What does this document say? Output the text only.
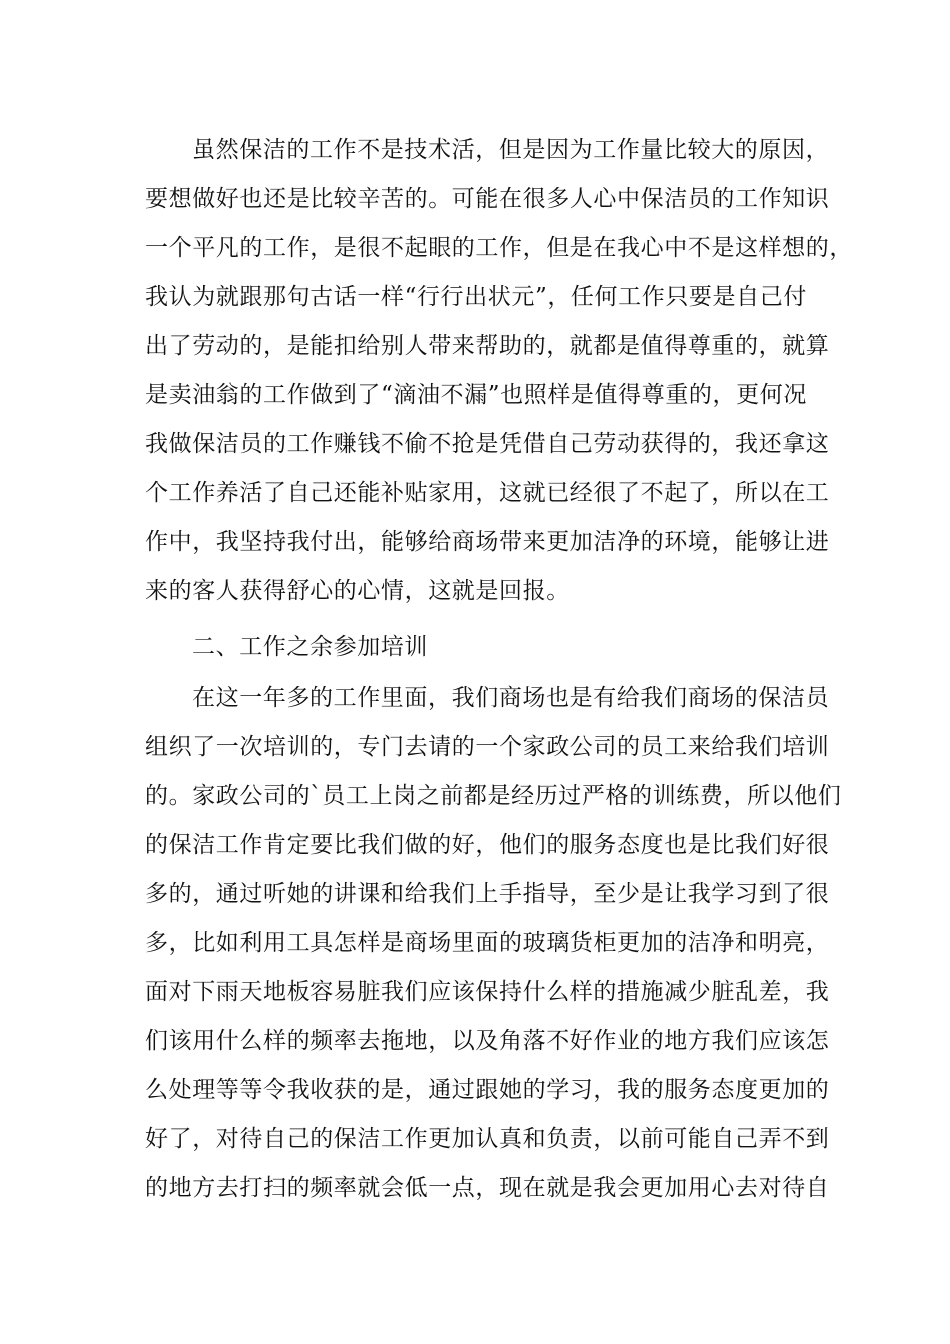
虽然保洁的工作不是技术活，但是因为工作量比较大的原因，
要想做好也还是比较辛苦的。可能在很多人心中保洁员的工作知识
一个平凡的工作，是很不起眼的工作，但是在我心中不是这样想的，
我认为就跟那句古话一样“行行出状元”，任何工作只要是自己付
出了劳动的，是能扣给别人带来帮助的，就都是值得尊重的，就算
是卖油翁的工作做到了“滴油不漏”也照样是值得尊重的，更何况
我做保洁员的工作赚钱不偷不抢是凭借自己劳动获得的，我还拿这
个工作养活了自己还能补贴家用，这就已经很了不起了，所以在工
作中，我坚持我付出，能够给商场带来更加洁净的环境，能够让进
来的客人获得舒心的心情，这就是回报。
二、工作之余参加培训
在这一年多的工作里面，我们商场也是有给我们商场的保洁员
组织了一次培训的，专门去请的一个家政公司的员工来给我们培训
的。家政公司的`员工上岗之前都是经历过严格的训练费，所以他们
的保洁工作肯定要比我们做的好，他们的服务态度也是比我们好很
多的，通过听她的讲课和给我们上手指导，至少是让我学习到了很
多，比如利用工具怎样是商场里面的玻璃货柜更加的洁净和明亮，
面对下雨天地板容易脏我们应该保持什么样的措施减少脏乱差，我
们该用什么样的频率去拖地，以及角落不好作业的地方我们应该怎
么处理等等令我收获的是，通过跟她的学习，我的服务态度更加的
好了，对待自己的保洁工作更加认真和负责，以前可能自己弄不到
的地方去打扫的频率就会低一点，现在就是我会更加用心去对待自
